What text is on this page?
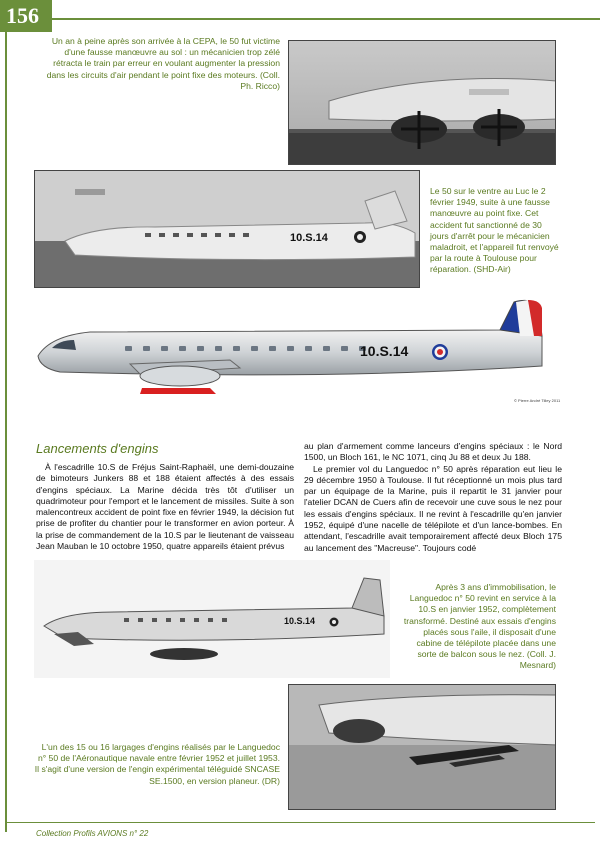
156
Un an à peine après son arrivée à la CEPA, le 50 fut victime d'une fausse manœuvre au sol : un mécanicien trop zélé rétracta le train par erreur en voulant augmenter la pression dans les circuits d'air pendant le point fixe des moteurs. (Coll. Ph. Ricco)
10.S.14
Le 50 sur le ventre au Luc le 2 février 1949, suite à une fausse manœuvre au point fixe. Cet accident fut sanctionné de 30 jours d'arrêt pour le mécanicien maladroit, et l'appareil fut renvoyé par la route à Toulouse pour réparation. (SHD-Air)
10.S.14
© Pierre André Tilley 2011
Lancements d'engins

À l'escadrille 10.S de Fréjus Saint-Raphaël, une demi-douzaine de bimoteurs Junkers 88 et 188 étaient affectés à des essais d'engins spéciaux. La Marine décida très tôt d'utiliser un quadrimoteur pour l'emport et le lancement de missiles. Suite à son malencontreux accident de point fixe en février 1949, la décision fut prise de profiter du chantier pour le transformer en avion porteur. À la prise de commandement de la 10.S par le lieutenant de vaisseau Jean Mauban le 10 octobre 1950, quatre appareils étaient prévus

au plan d'armement comme lanceurs d'engins spéciaux : le Nord 1500, un Bloch 161, le NC 1071, cinq Ju 88 et deux Ju 188.

Le premier vol du Languedoc n° 50 après réparation eut lieu le 29 décembre 1950 à Toulouse. Il fut réceptionné un mois plus tard par un équipage de la Marine, puis il repartit le 31 janvier pour l'atelier DCAN de Cuers afin de recevoir une cuve sous le nez pour les essais d'engins spéciaux. Il ne revint à l'escadrille qu'en janvier 1952, équipé d'une nacelle de télépilote et d'un lance-bombes. En attendant, l'escadrille avait temporairement affecté deux Bloch 175 au lancement des "Macreuse". Toujours codé

10.S.14
Après 3 ans d'immobilisation, le Languedoc n° 50 revint en service à la 10.S en janvier 1952, complètement transformé. Destiné aux essais d'engins placés sous l'aile, il disposait d'une cabine de télépilote placée dans une sorte de balcon sous le nez. (Coll. J. Mesnard)
L'un des 15 ou 16 largages d'engins réalisés par le Languedoc n° 50 de l'Aéronautique navale entre février 1952 et juillet 1953. Il s'agit d'une version de l'engin expérimental téléguidé SNCASE SE.1500, en version planeur. (DR)
Collection Profils AVIONS n° 22
